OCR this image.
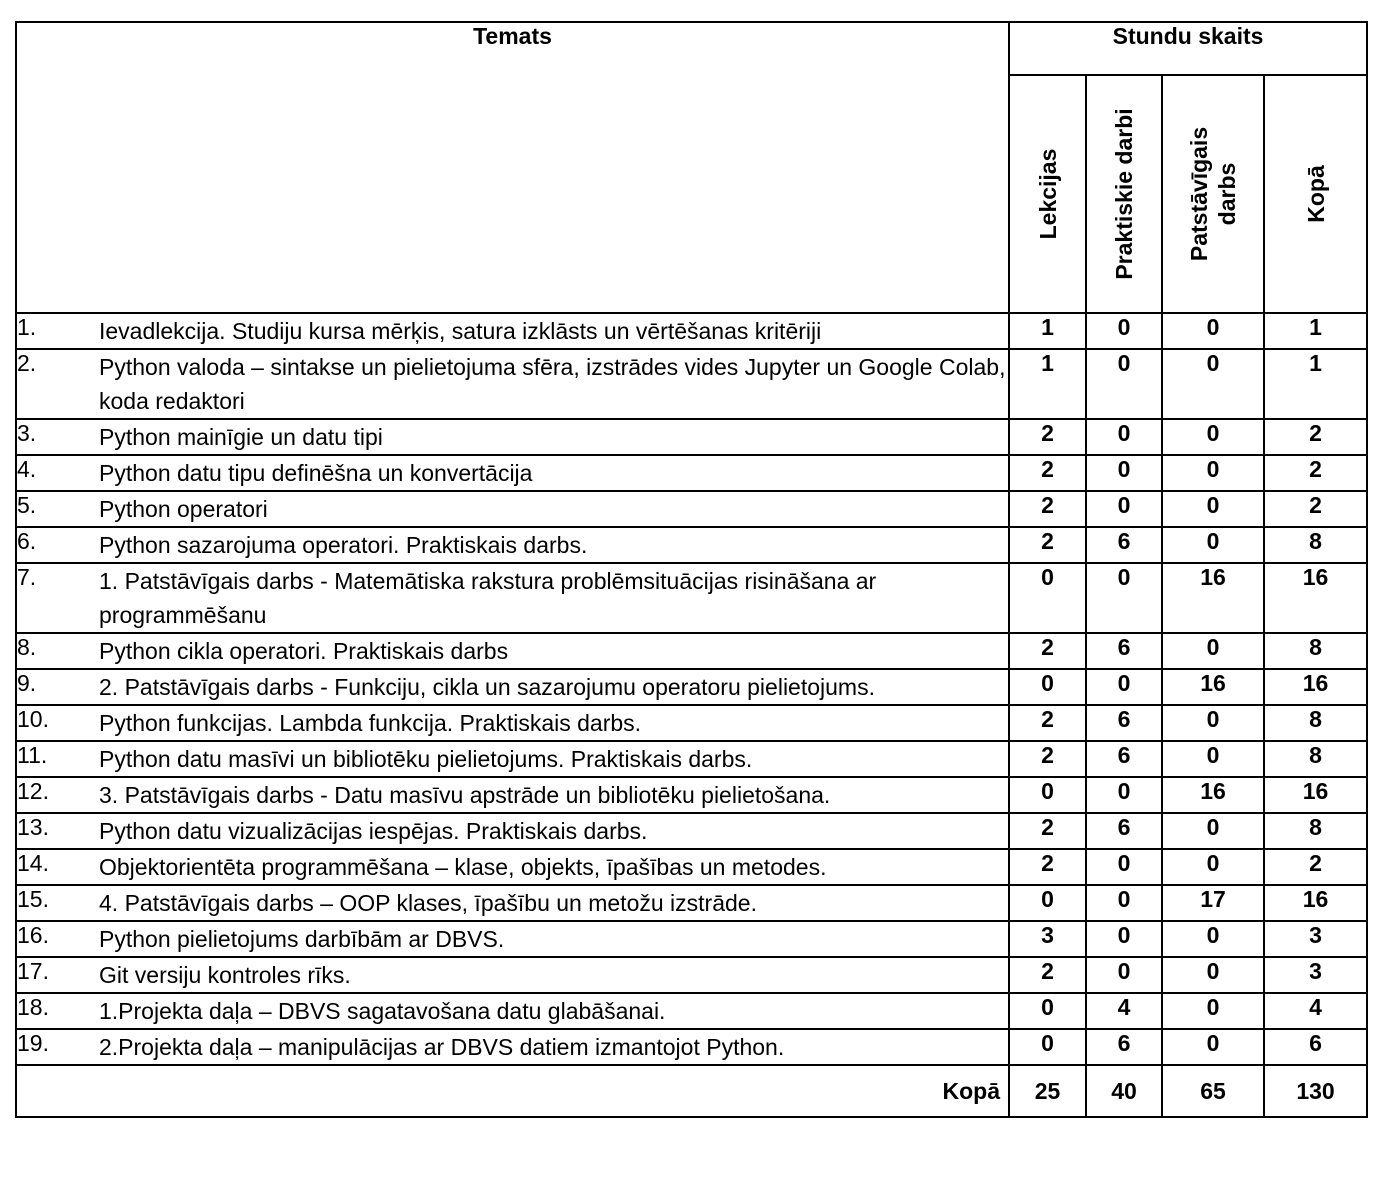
Temats		Stundu skaits			

		Lekcijas	Praktiskie darbi	Patstāvīgais darbs	Kopā

1.	Ievadlekcija. Studiju kursa mērķis, satura izklāsts un vērtēšanas kritēriji	1	0	0	1
2.	Python valoda – sintakse un pielietojuma sfēra, izstrādes vides Jupyter un Google Colab, koda redaktori	1	0	0	1
3.	Python mainīgie un datu tipi	2	0	0	2
4.	Python datu tipu definēšna un konvertācija	2	0	0	2
5.	Python operatori	2	0	0	2
6.	Python sazarojuma operatori. Praktiskais darbs.	2	6	0	8
7.	1. Patstāvīgais darbs - Matemātiska rakstura problēmsituācijas risināšana ar programmēšanu	0	0	16	16
8.	Python cikla operatori. Praktiskais darbs	2	6	0	8
9.	2. Patstāvīgais darbs - Funkciju, cikla un sazarojumu operatoru pielietojums.	0	0	16	16
10.	Python funkcijas. Lambda funkcija. Praktiskais darbs.	2	6	0	8
11.	Python datu masīvi un bibliotēku pielietojums. Praktiskais darbs.	2	6	0	8
12.	3. Patstāvīgais darbs - Datu masīvu apstrāde un bibliotēku pielietošana.	0	0	16	16
13.	Python datu vizualizācijas iespējas. Praktiskais darbs.	2	6	0	8
14.	Objektorientēta programmēšana – klase, objekts, īpašības un metodes.	2	0	0	2
15.	4. Patstāvīgais darbs – OOP klases, īpašību un metožu izstrāde.	0	0	17	16
16.	Python pielietojums darbībām ar DBVS.	3	0	0	3
17.	Git versiju kontroles rīks.	2	0	0	3
18.	1.Projekta daļa – DBVS sagatavošana datu glabāšanai.	0	4	0	4
19.	2.Projekta daļa – manipulācijas ar DBVS datiem izmantojot Python.	0	6	0	6
Kopā		25	40	65	130
